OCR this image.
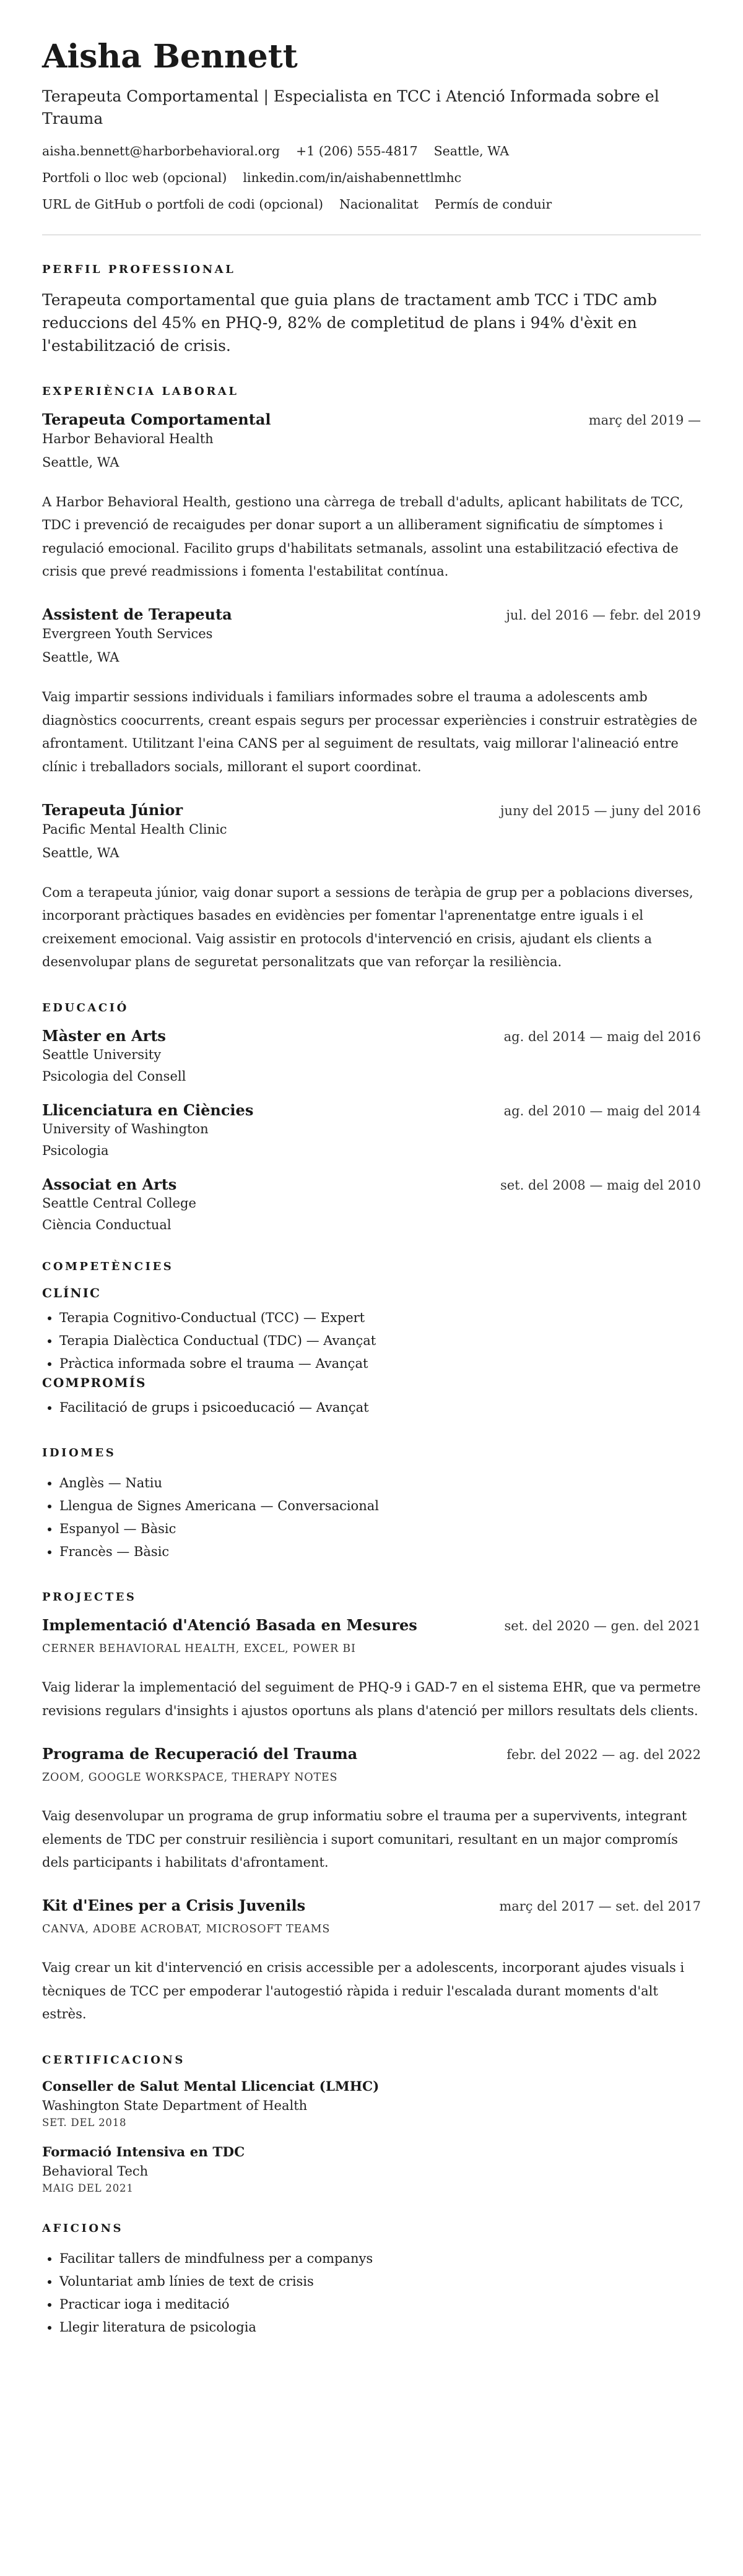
Aisha Bennett
Terapeuta Comportamental | Especialista en TCC i Atenció Informada sobre el Trauma
aisha.bennett@harborbehavioral.org +1 (206) 555-4817 Seattle, WA
Portfoli o lloc web (opcional) linkedin.com/in/aishabennettlmhc
URL de GitHub o portfoli de codi (opcional) Nacionalitat Permís de conduir
PERFIL PROFESSIONAL
Terapeuta comportamental que guia plans de tractament amb TCC i TDC amb reduccions del 45% en PHQ-9, 82% de completitud de plans i 94% d'èxit en l'estabilització de crisis.
EXPERIÈNCIA LABORAL
Terapeuta Comportamental	març del 2019 —
Harbor Behavioral Health
Seattle, WA
A Harbor Behavioral Health, gestiono una càrrega de treball d'adults, aplicant habilitats de TCC, TDC i prevenció de recaigudes per donar suport a un alliberament significatiu de símptomes i regulació emocional. Facilito grups d'habilitats setmanals, assolint una estabilització efectiva de crisis que prevé readmissions i fomenta l'estabilitat contínua.
Assistent de Terapeuta	jul. del 2016 — febr. del 2019
Evergreen Youth Services
Seattle, WA
Vaig impartir sessions individuals i familiars informades sobre el trauma a adolescents amb diagnòstics coocurrents, creant espais segurs per processar experiències i construir estratègies de afrontament. Utilitzant l'eina CANS per al seguiment de resultats, vaig millorar l'alineació entre clínic i treballadors socials, millorant el suport coordinat.
Terapeuta Júnior	juny del 2015 — juny del 2016
Pacific Mental Health Clinic
Seattle, WA
Com a terapeuta júnior, vaig donar suport a sessions de teràpia de grup per a poblacions diverses, incorporant pràctiques basades en evidències per fomentar l'aprenentatge entre iguals i el creixement emocional. Vaig assistir en protocols d'intervenció en crisis, ajudant els clients a desenvolupar plans de seguretat personalitzats que van reforçar la resiliència.
EDUCACIÓ
Màster en Arts	ag. del 2014 — maig del 2016
Seattle University
Psicologia del Consell
Llicenciatura en Ciències	ag. del 2010 — maig del 2014
University of Washington
Psicologia
Associat en Arts	set. del 2008 — maig del 2010
Seattle Central College
Ciència Conductual
COMPETÈNCIES
CLÍNIC
• Terapia Cognitivo-Conductual (TCC) — Expert
• Terapia Dialèctica Conductual (TDC) — Avançat
• Pràctica informada sobre el trauma — Avançat
COMPROMÍS
• Facilitació de grups i psicoeducació — Avançat
IDIOMES
• Anglès — Natiu
• Llengua de Signes Americana — Conversacional
• Espanyol — Bàsic
• Francès — Bàsic
PROJECTES
Implementació d'Atenció Basada en Mesures	set. del 2020 — gen. del 2021
CERNER BEHAVIORAL HEALTH, EXCEL, POWER BI
Vaig liderar la implementació del seguiment de PHQ-9 i GAD-7 en el sistema EHR, que va permetre revisions regulars d'insights i ajustos oportuns als plans d'atenció per millors resultats dels clients.
Programa de Recuperació del Trauma	febr. del 2022 — ag. del 2022
ZOOM, GOOGLE WORKSPACE, THERAPY NOTES
Vaig desenvolupar un programa de grup informatiu sobre el trauma per a supervivents, integrant elements de TDC per construir resiliència i suport comunitari, resultant en un major compromís dels participants i habilitats d'afrontament.
Kit d'Eines per a Crisis Juvenils	març del 2017 — set. del 2017
CANVA, ADOBE ACROBAT, MICROSOFT TEAMS
Vaig crear un kit d'intervenció en crisis accessible per a adolescents, incorporant ajudes visuals i tècniques de TCC per empoderar l'autogestió ràpida i reduir l'escalada durant moments d'alt estrès.
CERTIFICACIONS
Conseller de Salut Mental Llicenciat (LMHC)
Washington State Department of Health
SET. DEL 2018
Formació Intensiva en TDC
Behavioral Tech
MAIG DEL 2021
AFICIONS
• Facilitar tallers de mindfulness per a companys
• Voluntariat amb línies de text de crisis
• Practicar ioga i meditació
• Llegir literatura de psicologia
